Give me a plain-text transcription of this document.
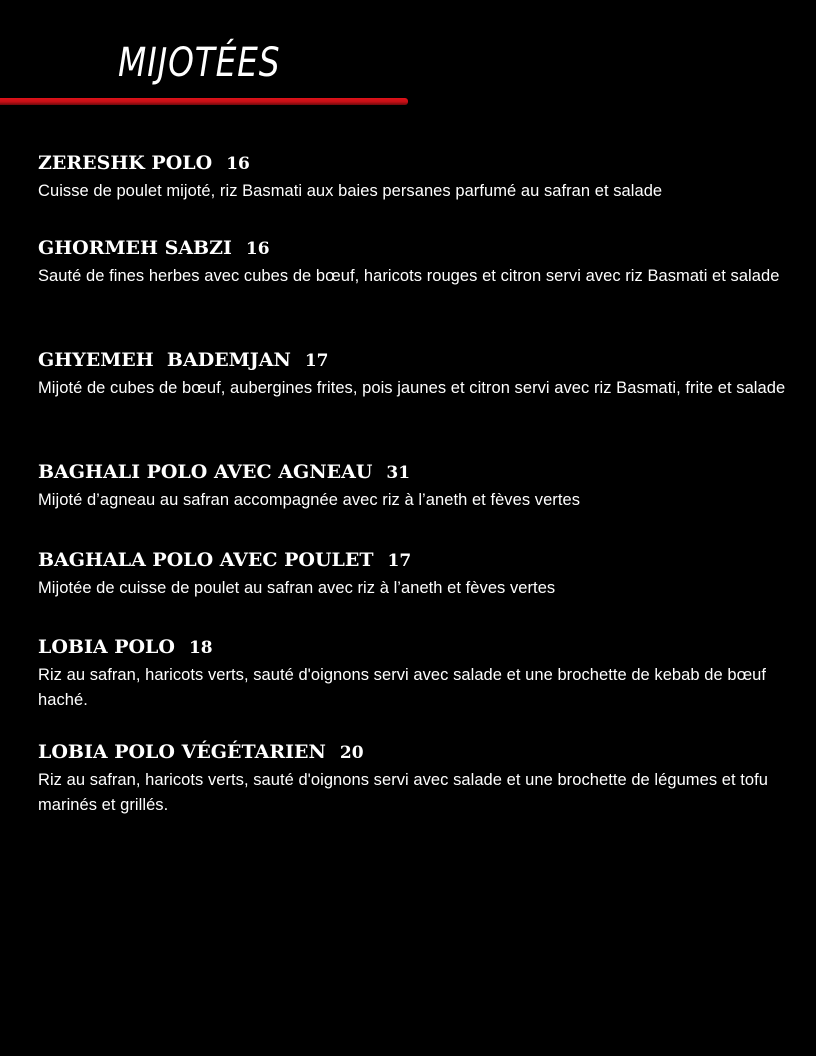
MIJOTÉES
ZERESHK POLO 16
Cuisse de poulet mijoté, riz Basmati aux baies persanes parfumé au safran et salade
GHORMEH SABZI 16
Sauté de fines herbes avec cubes de bœuf, haricots rouges et citron servi avec riz Basmati et salade
GHYEMEH  BADEMJAN 17
Mijoté de cubes de bœuf, aubergines frites, pois jaunes et citron servi avec riz Basmati, frite et salade
BAGHALI POLO AVEC AGNEAU 31
Mijoté d’agneau au safran accompagnée avec riz à l’aneth et fèves vertes
BAGHALA POLO AVEC POULET 17
Mijotée de cuisse de poulet au safran avec riz à l’aneth et fèves vertes
LOBIA POLO 18
Riz au safran, haricots verts, sauté d'oignons servi avec salade et une brochette de kebab de bœuf haché.
LOBIA POLO VÉGÉTARIEN 20
Riz au safran, haricots verts, sauté d'oignons servi avec salade et une brochette de légumes et tofu marinés et grillés.
